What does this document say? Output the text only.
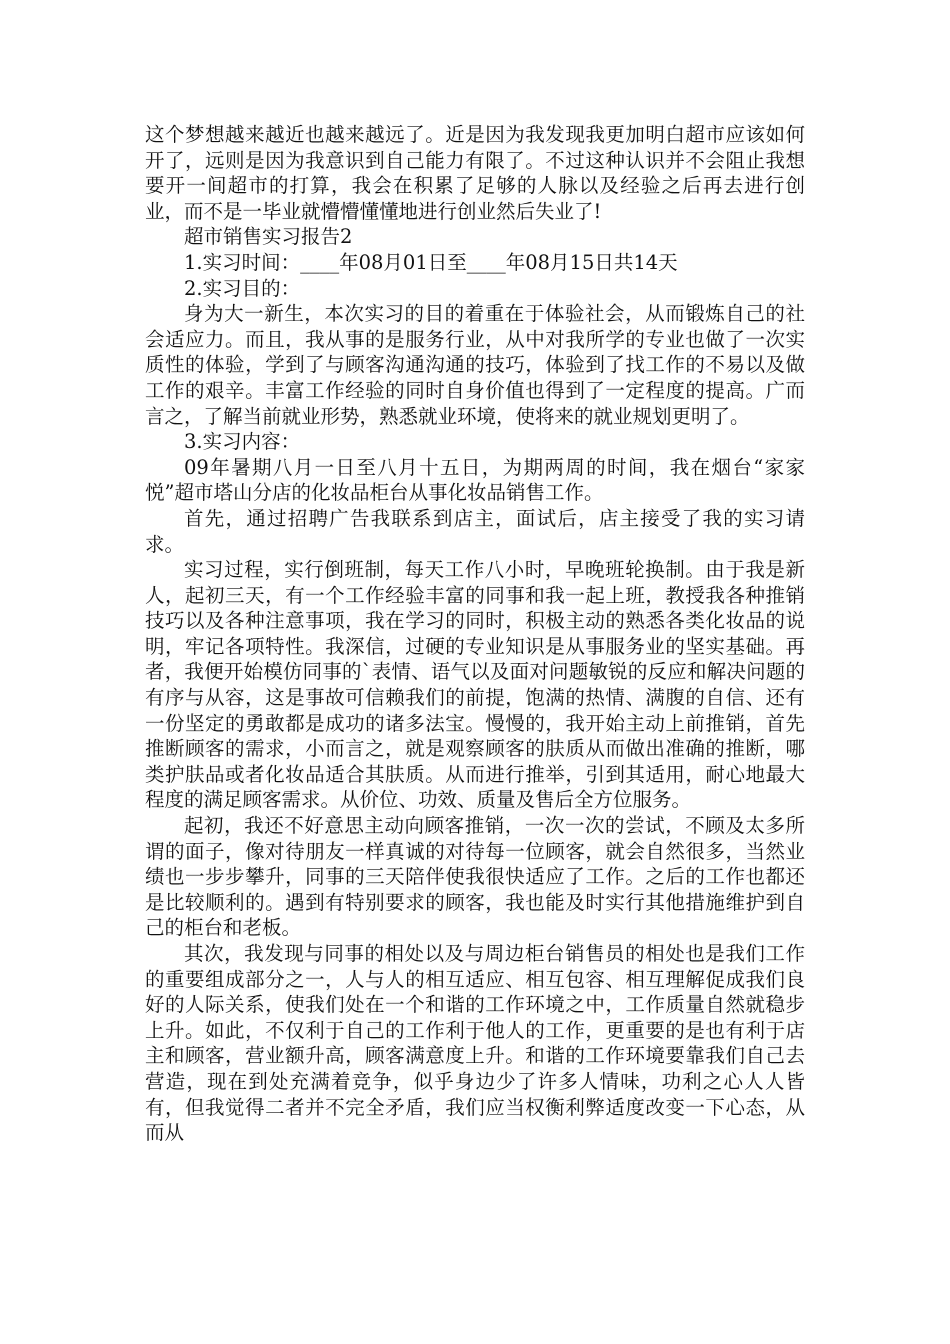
这个梦想越来越近也越来越远了。近是因为我发现我更加明白超市应该如何开了，远则是因为我意识到自己能力有限了。不过这种认识并不会阻止我想要开一间超市的打算，我会在积累了足够的人脉以及经验之后再去进行创业，而不是一毕业就懵懵懂懂地进行创业然后失业了!

超市销售实习报告2

1.实习时间：____年08月01日至____年08月15日共14天

2.实习目的：

身为大一新生，本次实习的目的着重在于体验社会，从而锻炼自己的社会适应力。而且，我从事的是服务行业，从中对我所学的专业也做了一次实质性的体验，学到了与顾客沟通沟通的技巧，体验到了找工作的不易以及做工作的艰辛。丰富工作经验的同时自身价值也得到了一定程度的提高。广而言之，了解当前就业形势，熟悉就业环境，使将来的就业规划更明了。

3.实习内容：

09年暑期八月一日至八月十五日，为期两周的时间，我在烟台“家家悦”超市塔山分店的化妆品柜台从事化妆品销售工作。

首先，通过招聘广告我联系到店主，面试后，店主接受了我的实习请求。

实习过程，实行倒班制，每天工作八小时，早晚班轮换制。由于我是新人，起初三天，有一个工作经验丰富的同事和我一起上班，教授我各种推销技巧以及各种注意事项，我在学习的同时，积极主动的熟悉各类化妆品的说明，牢记各项特性。我深信，过硬的专业知识是从事服务业的坚实基础。再者，我便开始模仿同事的`表情、语气以及面对问题敏锐的反应和解决问题的有序与从容，这是事故可信赖我们的前提，饱满的热情、满腹的自信、还有一份坚定的勇敢都是成功的诸多法宝。慢慢的，我开始主动上前推销，首先推断顾客的需求，小而言之，就是观察顾客的肤质从而做出准确的推断，哪类护肤品或者化妆品适合其肤质。从而进行推举，引到其适用，耐心地最大程度的满足顾客需求。从价位、功效、质量及售后全方位服务。

起初，我还不好意思主动向顾客推销，一次一次的尝试，不顾及太多所谓的面子，像对待朋友一样真诚的对待每一位顾客，就会自然很多，当然业绩也一步步攀升，同事的三天陪伴使我很快适应了工作。之后的工作也都还是比较顺利的。遇到有特别要求的顾客，我也能及时实行其他措施维护到自己的柜台和老板。

其次，我发现与同事的相处以及与周边柜台销售员的相处也是我们工作的重要组成部分之一，人与人的相互适应、相互包容、相互理解促成我们良好的人际关系，使我们处在一个和谐的工作环境之中，工作质量自然就稳步上升。如此，不仅利于自己的工作利于他人的工作，更重要的是也有利于店主和顾客，营业额升高，顾客满意度上升。和谐的工作环境要靠我们自己去营造，现在到处充满着竞争，似乎身边少了许多人情味，功利之心人人皆有，但我觉得二者并不完全矛盾，我们应当权衡利弊适度改变一下心态，从而从
